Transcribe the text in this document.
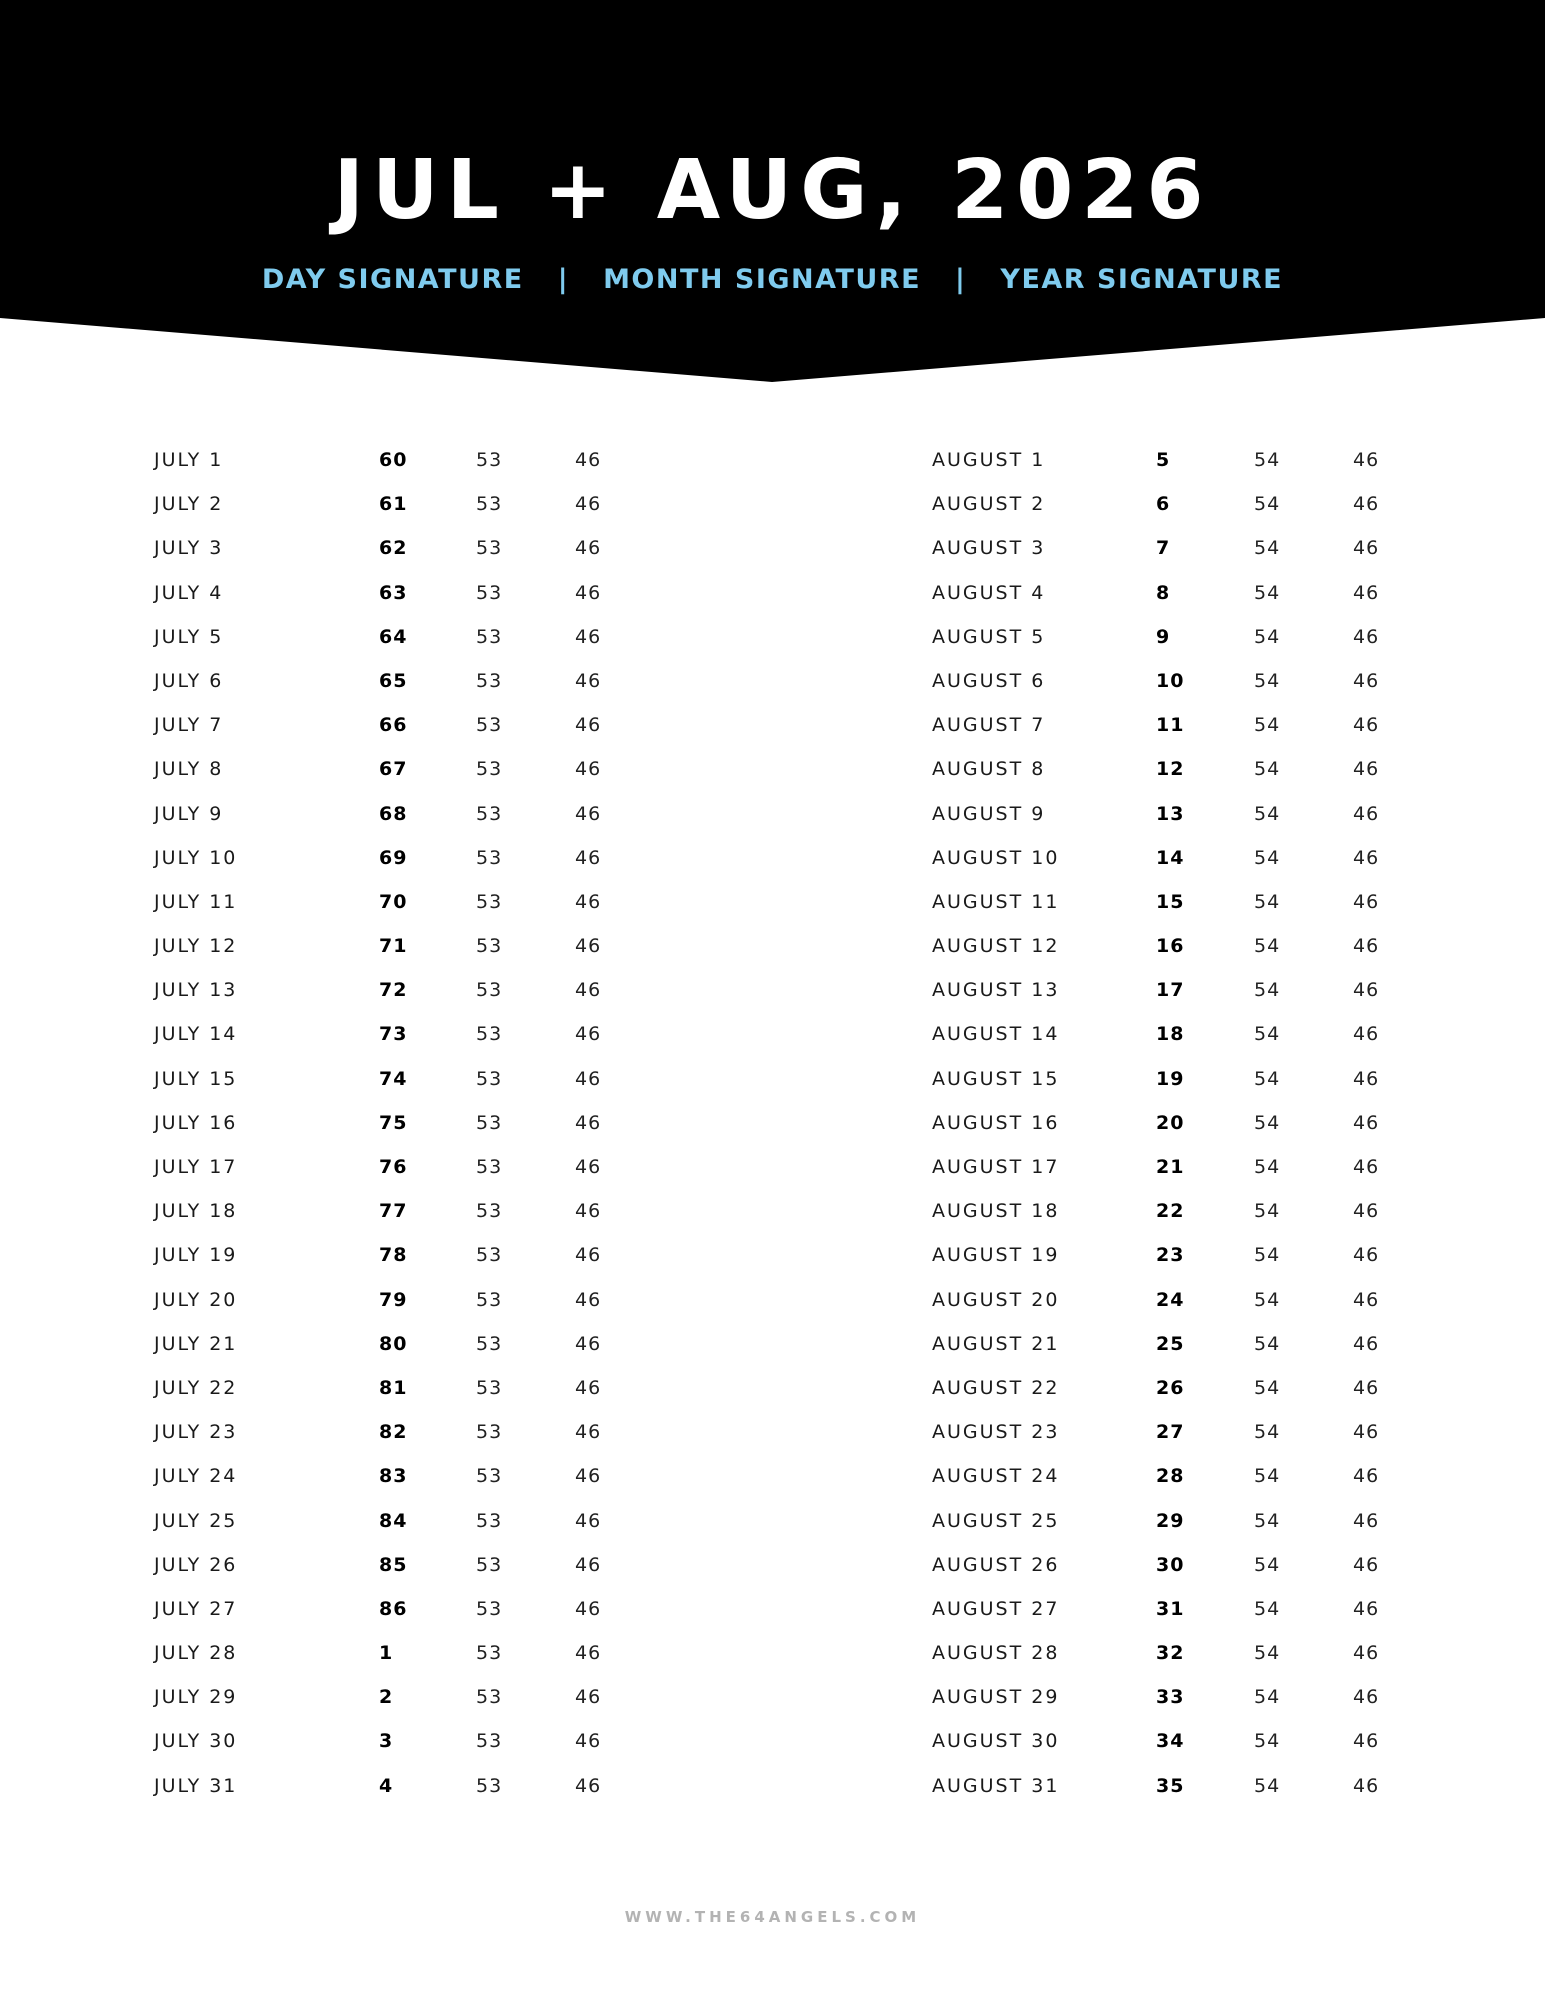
JUL + AUG, 2026
DAY SIGNATURE | MONTH SIGNATURE | YEAR SIGNATURE
JULY 1	60	53	46
JULY 2	61	53	46
JULY 3	62	53	46
JULY 4	63	53	46
JULY 5	64	53	46
JULY 6	65	53	46
JULY 7	66	53	46
JULY 8	67	53	46
JULY 9	68	53	46
JULY 10	69	53	46
JULY 11	70	53	46
JULY 12	71	53	46
JULY 13	72	53	46
JULY 14	73	53	46
JULY 15	74	53	46
JULY 16	75	53	46
JULY 17	76	53	46
JULY 18	77	53	46
JULY 19	78	53	46
JULY 20	79	53	46
JULY 21	80	53	46
JULY 22	81	53	46
JULY 23	82	53	46
JULY 24	83	53	46
JULY 25	84	53	46
JULY 26	85	53	46
JULY 27	86	53	46
JULY 28	1	53	46
JULY 29	2	53	46
JULY 30	3	53	46
JULY 31	4	53	46
AUGUST 1	5	54	46
AUGUST 2	6	54	46
AUGUST 3	7	54	46
AUGUST 4	8	54	46
AUGUST 5	9	54	46
AUGUST 6	10	54	46
AUGUST 7	11	54	46
AUGUST 8	12	54	46
AUGUST 9	13	54	46
AUGUST 10	14	54	46
AUGUST 11	15	54	46
AUGUST 12	16	54	46
AUGUST 13	17	54	46
AUGUST 14	18	54	46
AUGUST 15	19	54	46
AUGUST 16	20	54	46
AUGUST 17	21	54	46
AUGUST 18	22	54	46
AUGUST 19	23	54	46
AUGUST 20	24	54	46
AUGUST 21	25	54	46
AUGUST 22	26	54	46
AUGUST 23	27	54	46
AUGUST 24	28	54	46
AUGUST 25	29	54	46
AUGUST 26	30	54	46
AUGUST 27	31	54	46
AUGUST 28	32	54	46
AUGUST 29	33	54	46
AUGUST 30	34	54	46
AUGUST 31	35	54	46
WWW.THE64ANGELS.COM
